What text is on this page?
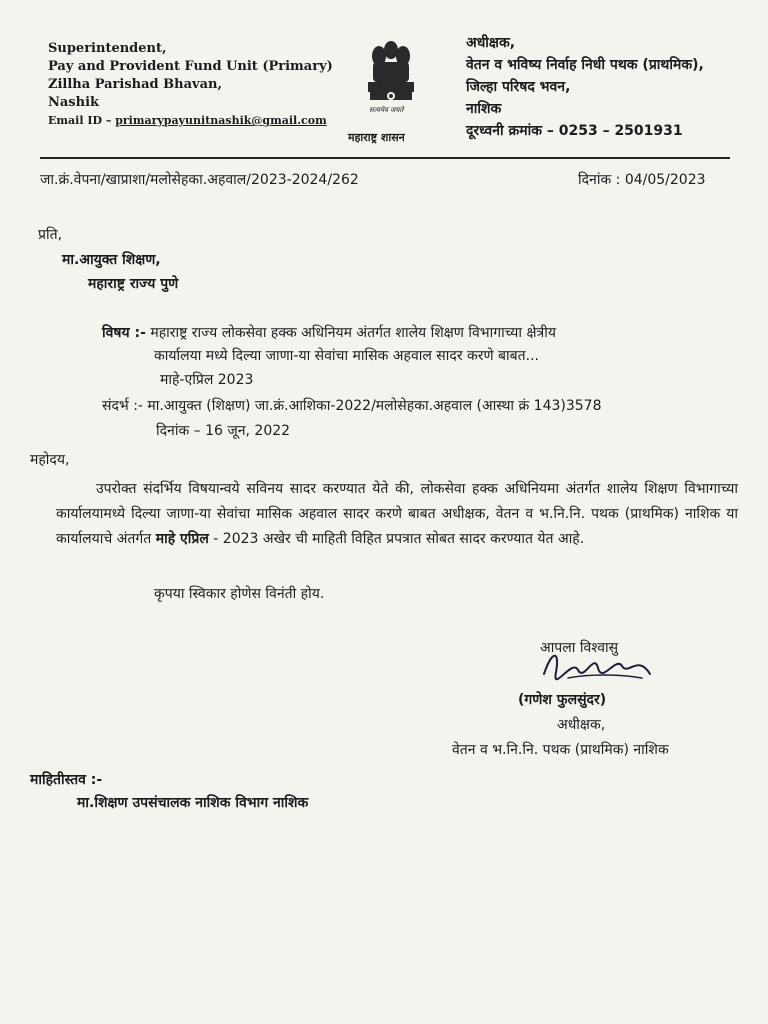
Superintendent,
Pay and Provident Fund Unit (Primary)
Zillha Parishad Bhavan,
Nashik
Email ID – primarypayunitnashik@gmail.com
सत्यमेव जयते
महाराष्ट्र शासन
अधीक्षक,
वेतन व भविष्य निर्वाह निधी पथक (प्राथमिक),
जिल्हा परिषद भवन,
नाशिक
दूरध्वनी क्रमांक – 0253 – 2501931
जा.क्रं.वेपना/खाप्राशा/मलोसेहका.अहवाल/2023-2024/262	दिनांक : 04/05/2023
प्रति,
मा.आयुक्त शिक्षण,
महाराष्ट्र राज्य पुणे
विषय :- महाराष्ट्र राज्य लोकसेवा हक्क अधिनियम अंतर्गत शालेय शिक्षण विभागाच्या क्षेत्रीय
कार्यालया मध्ये दिल्या जाणा-या सेवांचा मासिक अहवाल सादर करणे बाबत...
माहे-एप्रिल 2023
संदर्भ :- मा.आयुक्त (शिक्षण) जा.क्रं.आशिका-2022/मलोसेहका.अहवाल (आस्था क्रं 143)3578
दिनांक – 16 जून, 2022
महोदय,
उपरोक्त संदर्भिय विषयान्वये सविनय सादर करण्यात येते की, लोकसेवा हक्क अधिनियमा अंतर्गत शालेय शिक्षण विभागाच्या कार्यालयामध्ये दिल्या जाणा-या सेवांचा मासिक अहवाल सादर करणे बाबत अधीक्षक, वेतन व भ.नि.नि. पथक (प्राथमिक) नाशिक या कार्यालयाचे अंतर्गत माहे एप्रिल - 2023 अखेर ची माहिती विहित प्रपत्रात सोबत सादर करण्यात येत आहे.
कृपया स्विकार होणेस विनंती होय.
आपला विश्वासु
(गणेश फुलसुंदर)
अधीक्षक,
वेतन व भ.नि.नि. पथक (प्राथमिक) नाशिक
माहितीस्तव :-
मा.शिक्षण उपसंचालक नाशिक विभाग नाशिक
